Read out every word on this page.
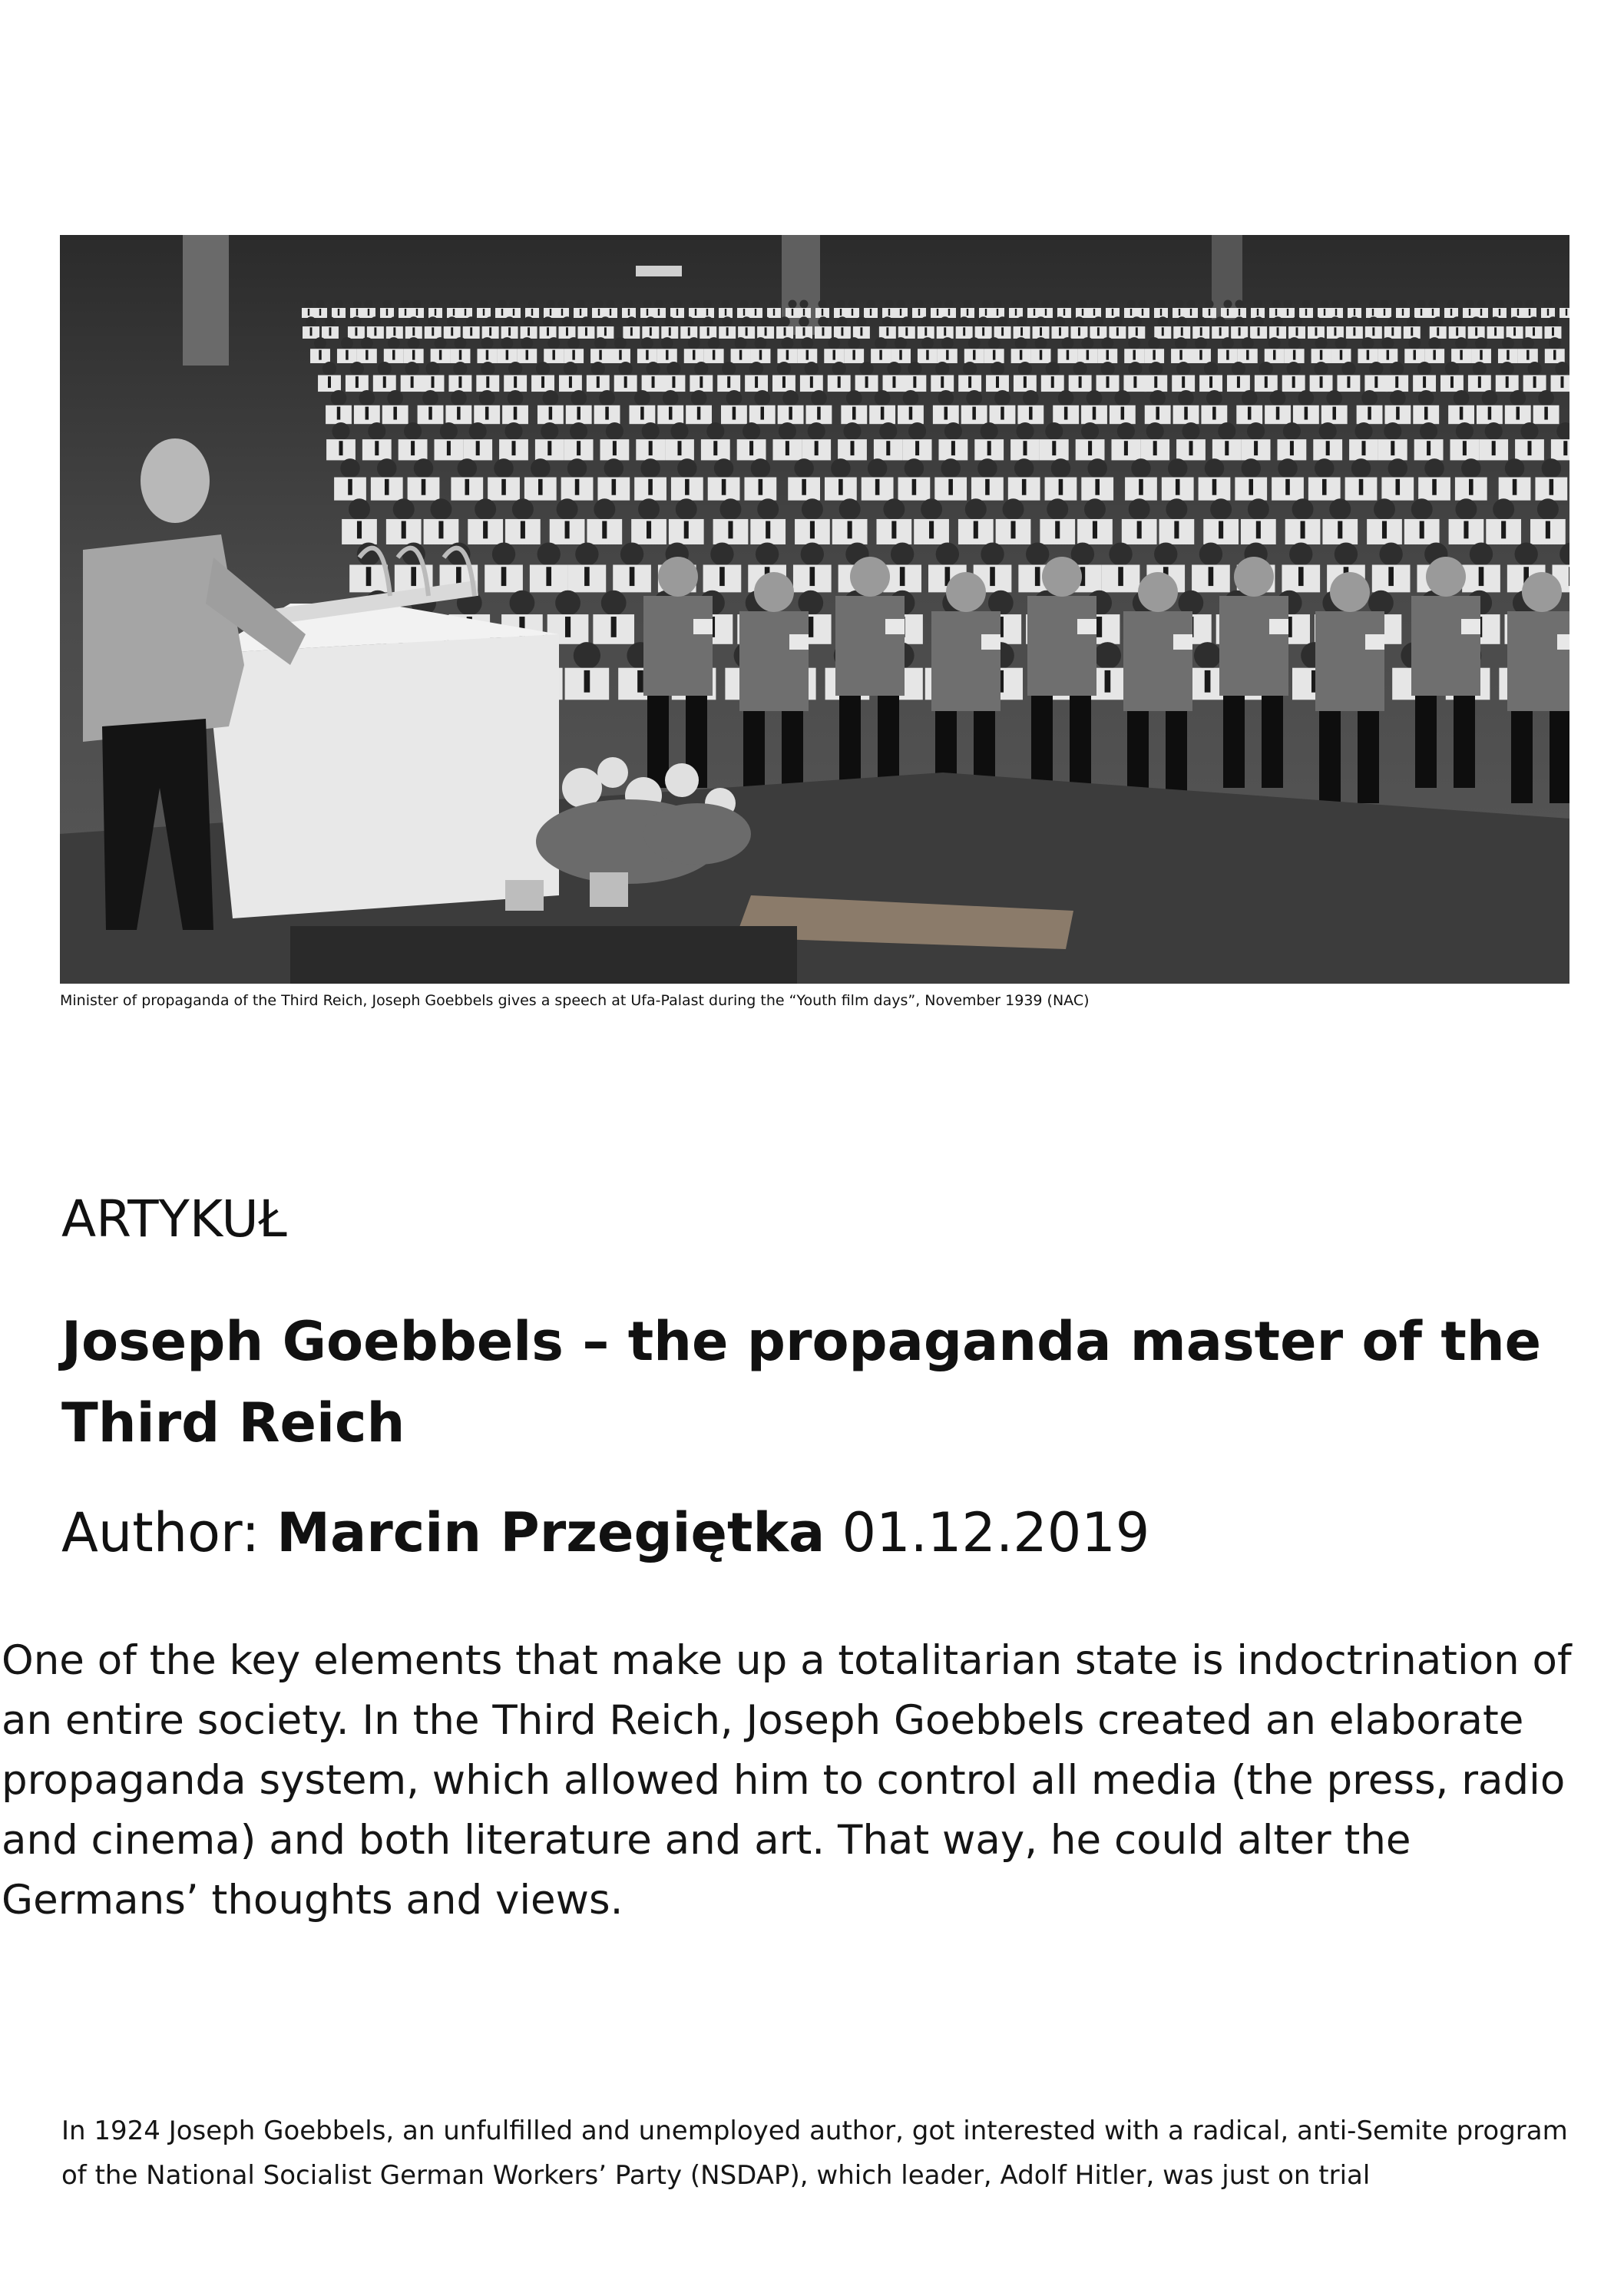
Minister of propaganda of the Third Reich, Joseph Goebbels gives a speech at Ufa-Palast during the “Youth film days”, November 1939 (NAC)
ARTYKUŁ
Joseph Goebbels – the propaganda master of the Third Reich
Author: Marcin Przegiętka 01.12.2019

One of the key elements that make up a totalitarian state is indoctrination of an entire society. In the Third Reich, Joseph Goebbels created an elaborate propaganda system, which allowed him to control all media (the press, radio and cinema) and both literature and art. That way, he could alter the Germans’ thoughts and views.

In 1924 Joseph Goebbels, an unfulfilled and unemployed author, got interested with a radical, anti-Semite program of the National Socialist German Workers’ Party (NSDAP), which leader, Adolf Hitler, was just on trial
